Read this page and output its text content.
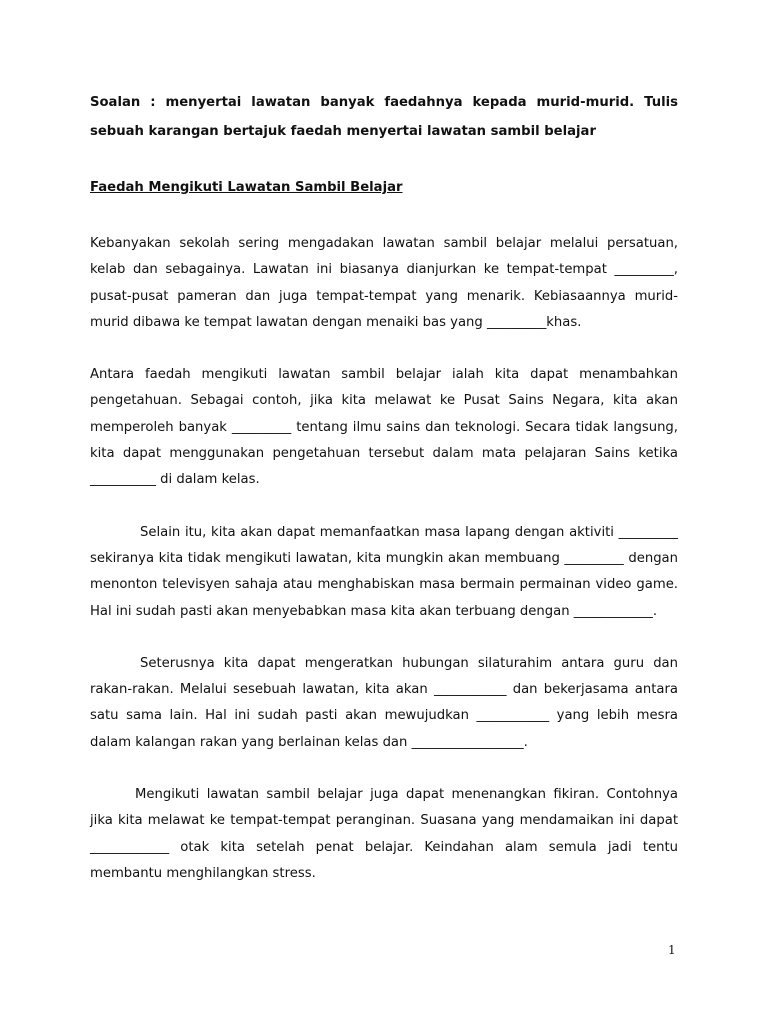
Soalan : menyertai lawatan banyak faedahnya kepada murid-murid. Tulis sebuah karangan bertajuk faedah menyertai lawatan sambil belajar

Faedah Mengikuti Lawatan Sambil Belajar

Kebanyakan sekolah sering mengadakan lawatan sambil belajar melalui persatuan, kelab dan sebagainya. Lawatan ini biasanya dianjurkan ke tempat-tempat _________, pusat-pusat pameran dan juga tempat-tempat yang menarik. Kebiasaannya murid-murid dibawa ke tempat lawatan dengan menaiki bas yang _________khas.

Antara faedah mengikuti lawatan sambil belajar ialah kita dapat menambahkan pengetahuan. Sebagai contoh, jika kita melawat ke Pusat Sains Negara, kita akan memperoleh banyak _________ tentang ilmu sains dan teknologi. Secara tidak langsung, kita dapat menggunakan pengetahuan tersebut dalam mata pelajaran Sains ketika __________ di dalam kelas.

Selain itu, kita akan dapat memanfaatkan masa lapang dengan aktiviti _________ sekiranya kita tidak mengikuti lawatan, kita mungkin akan membuang _________ dengan menonton televisyen sahaja atau menghabiskan masa bermain permainan video game. Hal ini sudah pasti akan menyebabkan masa kita akan terbuang dengan ____________.

Seterusnya kita dapat mengeratkan hubungan silaturahim antara guru dan rakan-rakan. Melalui sesebuah lawatan, kita akan ___________ dan bekerjasama antara satu sama lain. Hal ini sudah pasti akan mewujudkan ___________ yang lebih mesra dalam kalangan rakan yang berlainan kelas dan _________________.

Mengikuti lawatan sambil belajar juga dapat menenangkan fikiran. Contohnya jika kita melawat ke tempat-tempat peranginan. Suasana yang mendamaikan ini dapat ____________ otak kita setelah penat belajar. Keindahan alam semula jadi tentu membantu menghilangkan stress.

1
